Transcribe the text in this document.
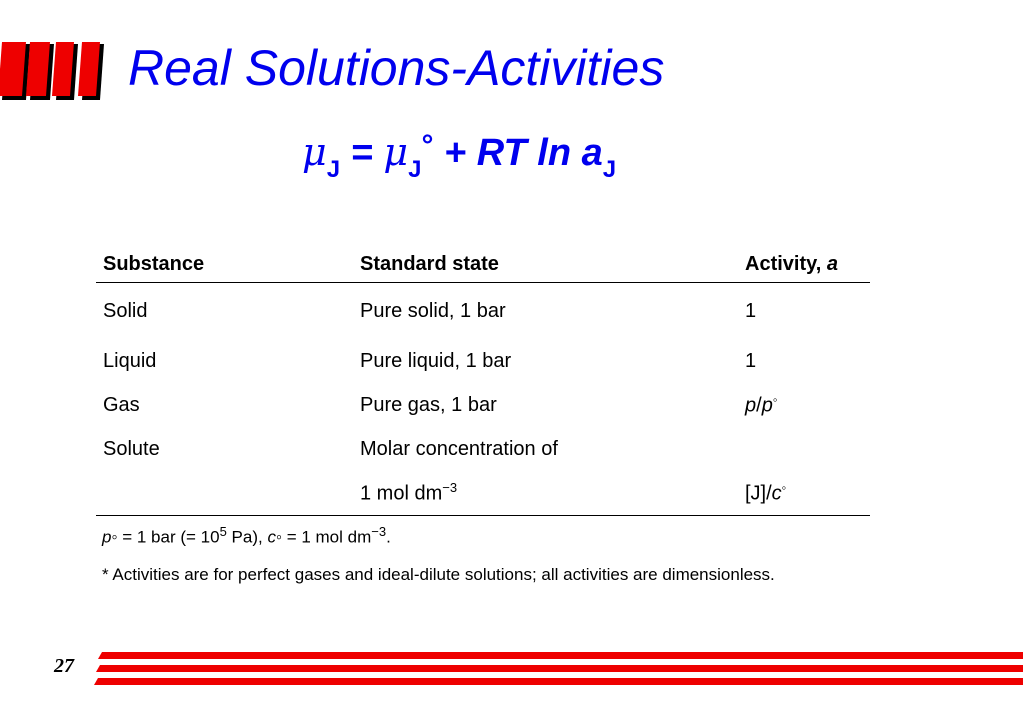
Real Solutions-Activities
$\mu_J = \mu_J^\circ$ + RT $\ln a_J$
Substance	Standard state	Activity, a
Solid	Pure solid, 1 bar	1
Liquid	Pure liquid, 1 bar	1
Gas	Pure gas, 1 bar	p/p◦
Solute	Molar concentration of	
	1 mol $dm^{-3}$	[J]/c◦
p◦ = 1 bar (= $10^5$ Pa), c◦ = 1 mol $dm^{-3}$.
* Activities are for perfect gases and ideal-dilute solutions; all activities are dimensionless.
27
